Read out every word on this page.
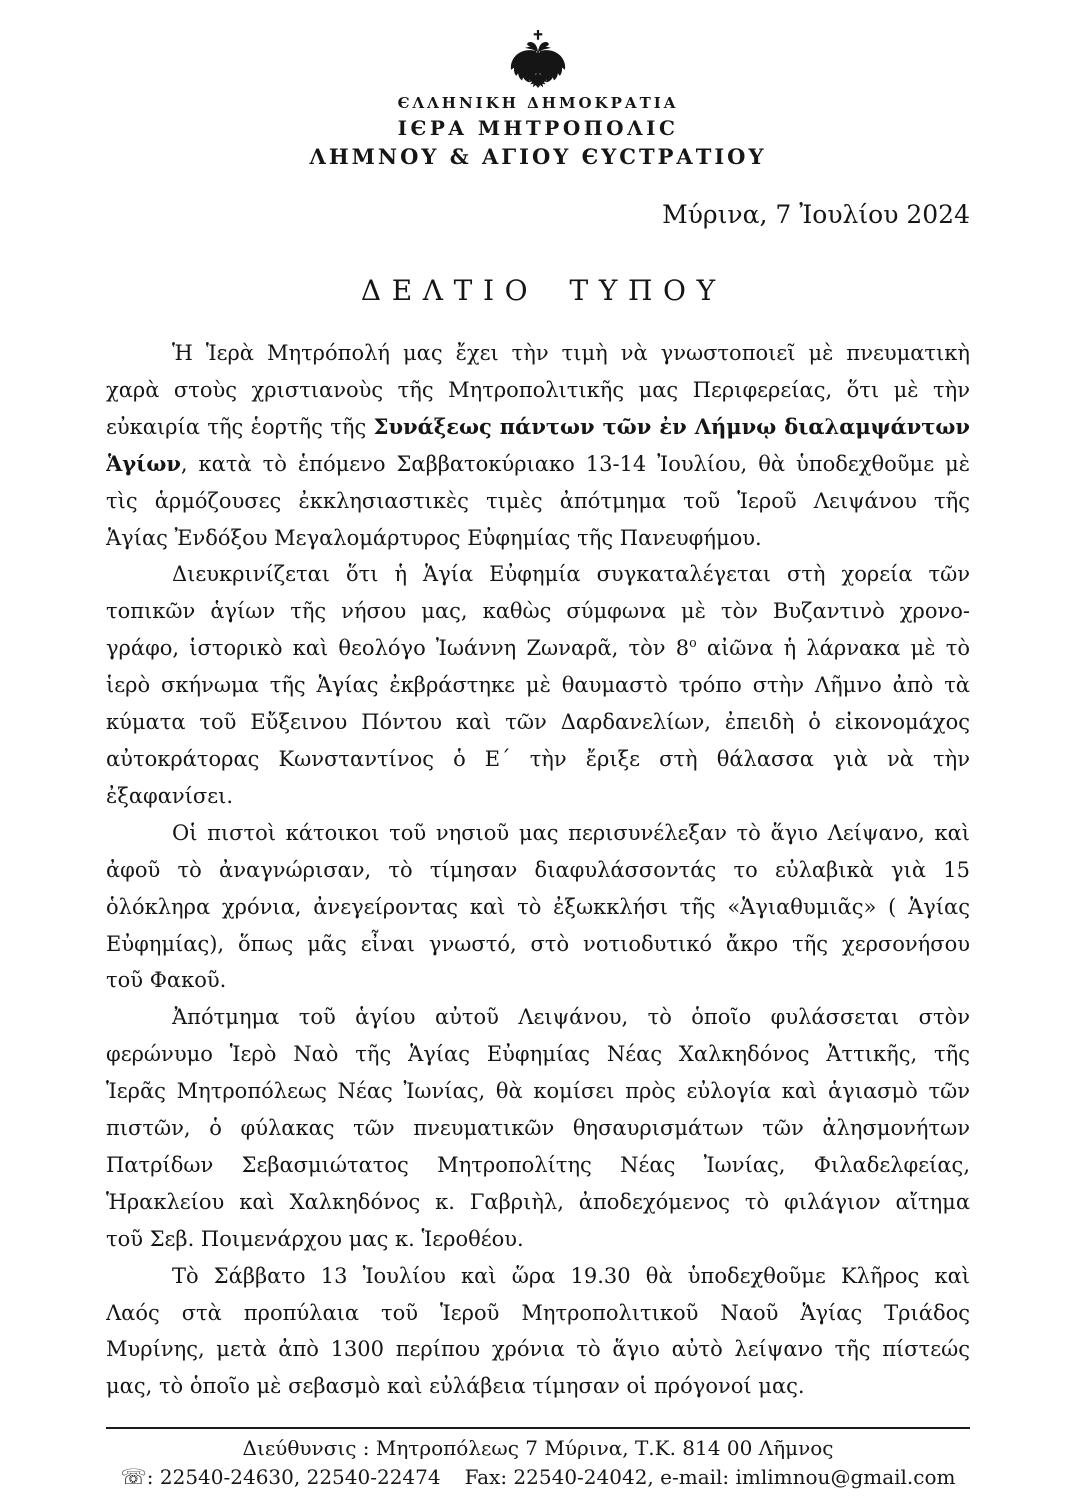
ЄΛΛΗΝΙΚΗ ΔΗΜΟΚΡΑΤΙΑ
ΙЄΡΑ ΜΗΤΡΟΠΟΛΙC
ΛΗΜΝΟΥ & ΑΓΙΟΥ ЄΥCΤΡΑΤΙΟΥ
Μύρινα, 7 Ἰουλίου 2024
ΔΕΛΤΙΟ ΤΥΠΟΥ
Ἡ Ἱερὰ Μητρόπολή μας ἔχει τὴν τιμὴ νὰ γνωστοποιεῖ μὲ πνευματικὴ
χαρὰ στοὺς χριστιανοὺς τῆς Μητροπολιτικῆς μας Περιφερείας, ὅτι μὲ τὴν
εὐκαιρία τῆς ἑορτῆς τῆς Συνάξεως πάντων τῶν ἐν Λήμνῳ διαλαμψάντων
Ἁγίων, κατὰ τὸ ἑπόμενο Σαββατοκύριακο 13-14 Ἰουλίου, θὰ ὑποδεχθοῦμε μὲ
τὶς ἁρμόζουσες ἐκκλησιαστικὲς τιμὲς ἀπότμημα τοῦ Ἱεροῦ Λειψάνου τῆς
Ἁγίας Ἐνδόξου Μεγαλομάρτυρος Εὐφημίας τῆς Πανευφήμου.
Διευκρινίζεται ὅτι ἡ Ἁγία Εὐφημία συγκαταλέγεται στὴ χορεία τῶν
τοπικῶν ἁγίων τῆς νήσου μας, καθὼς σύμφωνα μὲ τὸν Βυζαντινὸ χρονο-
γράφο, ἱστορικὸ καὶ θεολόγο Ἰωάννη Ζωναρᾶ, τὸν $8^o$ αἰῶνα ἡ λάρνακα μὲ τὸ
ἱερὸ σκήνωμα τῆς Ἁγίας ἐκβράστηκε μὲ θαυμαστὸ τρόπο στὴν Λῆμνο ἀπὸ τὰ
κύματα τοῦ Εὔξεινου Πόντου καὶ τῶν Δαρδανελίων, ἐπειδὴ ὁ εἰκονομάχος
αὐτοκράτορας Κωνσταντίνος ὁ Ε΄ τὴν ἔριξε στὴ θάλασσα γιὰ νὰ τὴν
ἐξαφανίσει.
Οἱ πιστοὶ κάτοικοι τοῦ νησιοῦ μας περισυνέλεξαν τὸ ἅγιο Λείψανο, καὶ
ἀφοῦ τὸ ἀναγνώρισαν, τὸ τίμησαν διαφυλάσσοντάς το εὐλαβικὰ γιὰ 15
ὁλόκληρα χρόνια, ἀνεγείροντας καὶ τὸ ἐξωκκλήσι τῆς «Ἁγιαθυμιᾶς» ( Ἁγίας
Εὐφημίας), ὅπως μᾶς εἶναι γνωστό, στὸ νοτιοδυτικό ἄκρο τῆς χερσονήσου
τοῦ Φακοῦ.
Ἀπότμημα τοῦ ἁγίου αὐτοῦ Λειψάνου, τὸ ὁποῖο φυλάσσεται στὸν
φερώνυμο Ἱερὸ Ναὸ τῆς Ἁγίας Εὐφημίας Νέας Χαλκηδόνος Ἀττικῆς, τῆς
Ἱερᾶς Μητροπόλεως Νέας Ἰωνίας, θὰ κομίσει πρὸς εὐλογία καὶ ἁγιασμὸ τῶν
πιστῶν, ὁ φύλακας τῶν πνευματικῶν θησαυρισμάτων τῶν ἀλησμονήτων
Πατρίδων Σεβασμιώτατος Μητροπολίτης Νέας Ἰωνίας, Φιλαδελφείας,
Ἡρακλείου καὶ Χαλκηδόνος κ. Γαβριὴλ, ἀποδεχόμενος τὸ φιλάγιον αἴτημα
τοῦ Σεβ. Ποιμενάρχου μας κ. Ἱεροθέου.
Τὸ Σάββατο 13 Ἰουλίου καὶ ὥρα 19.30 θὰ ὑποδεχθοῦμε Κλῆρος καὶ
Λαός στὰ προπύλαια τοῦ Ἱεροῦ Μητροπολιτικοῦ Ναοῦ Ἁγίας Τριάδος
Μυρίνης, μετὰ ἀπὸ 1300 περίπου χρόνια τὸ ἅγιο αὐτὸ λείψανο τῆς πίστεώς
μας, τὸ ὁποῖο μὲ σεβασμὸ καὶ εὐλάβεια τίμησαν οἱ πρόγονοί μας.
Διεύθυνσις : Μητροπόλεως 7 Μύρινα, Τ.Κ. 814 00 Λῆμνος
☏: 22540-24630, 22540-22474 Fax: 22540-24042, e-mail: imlimnou@gmail.com
